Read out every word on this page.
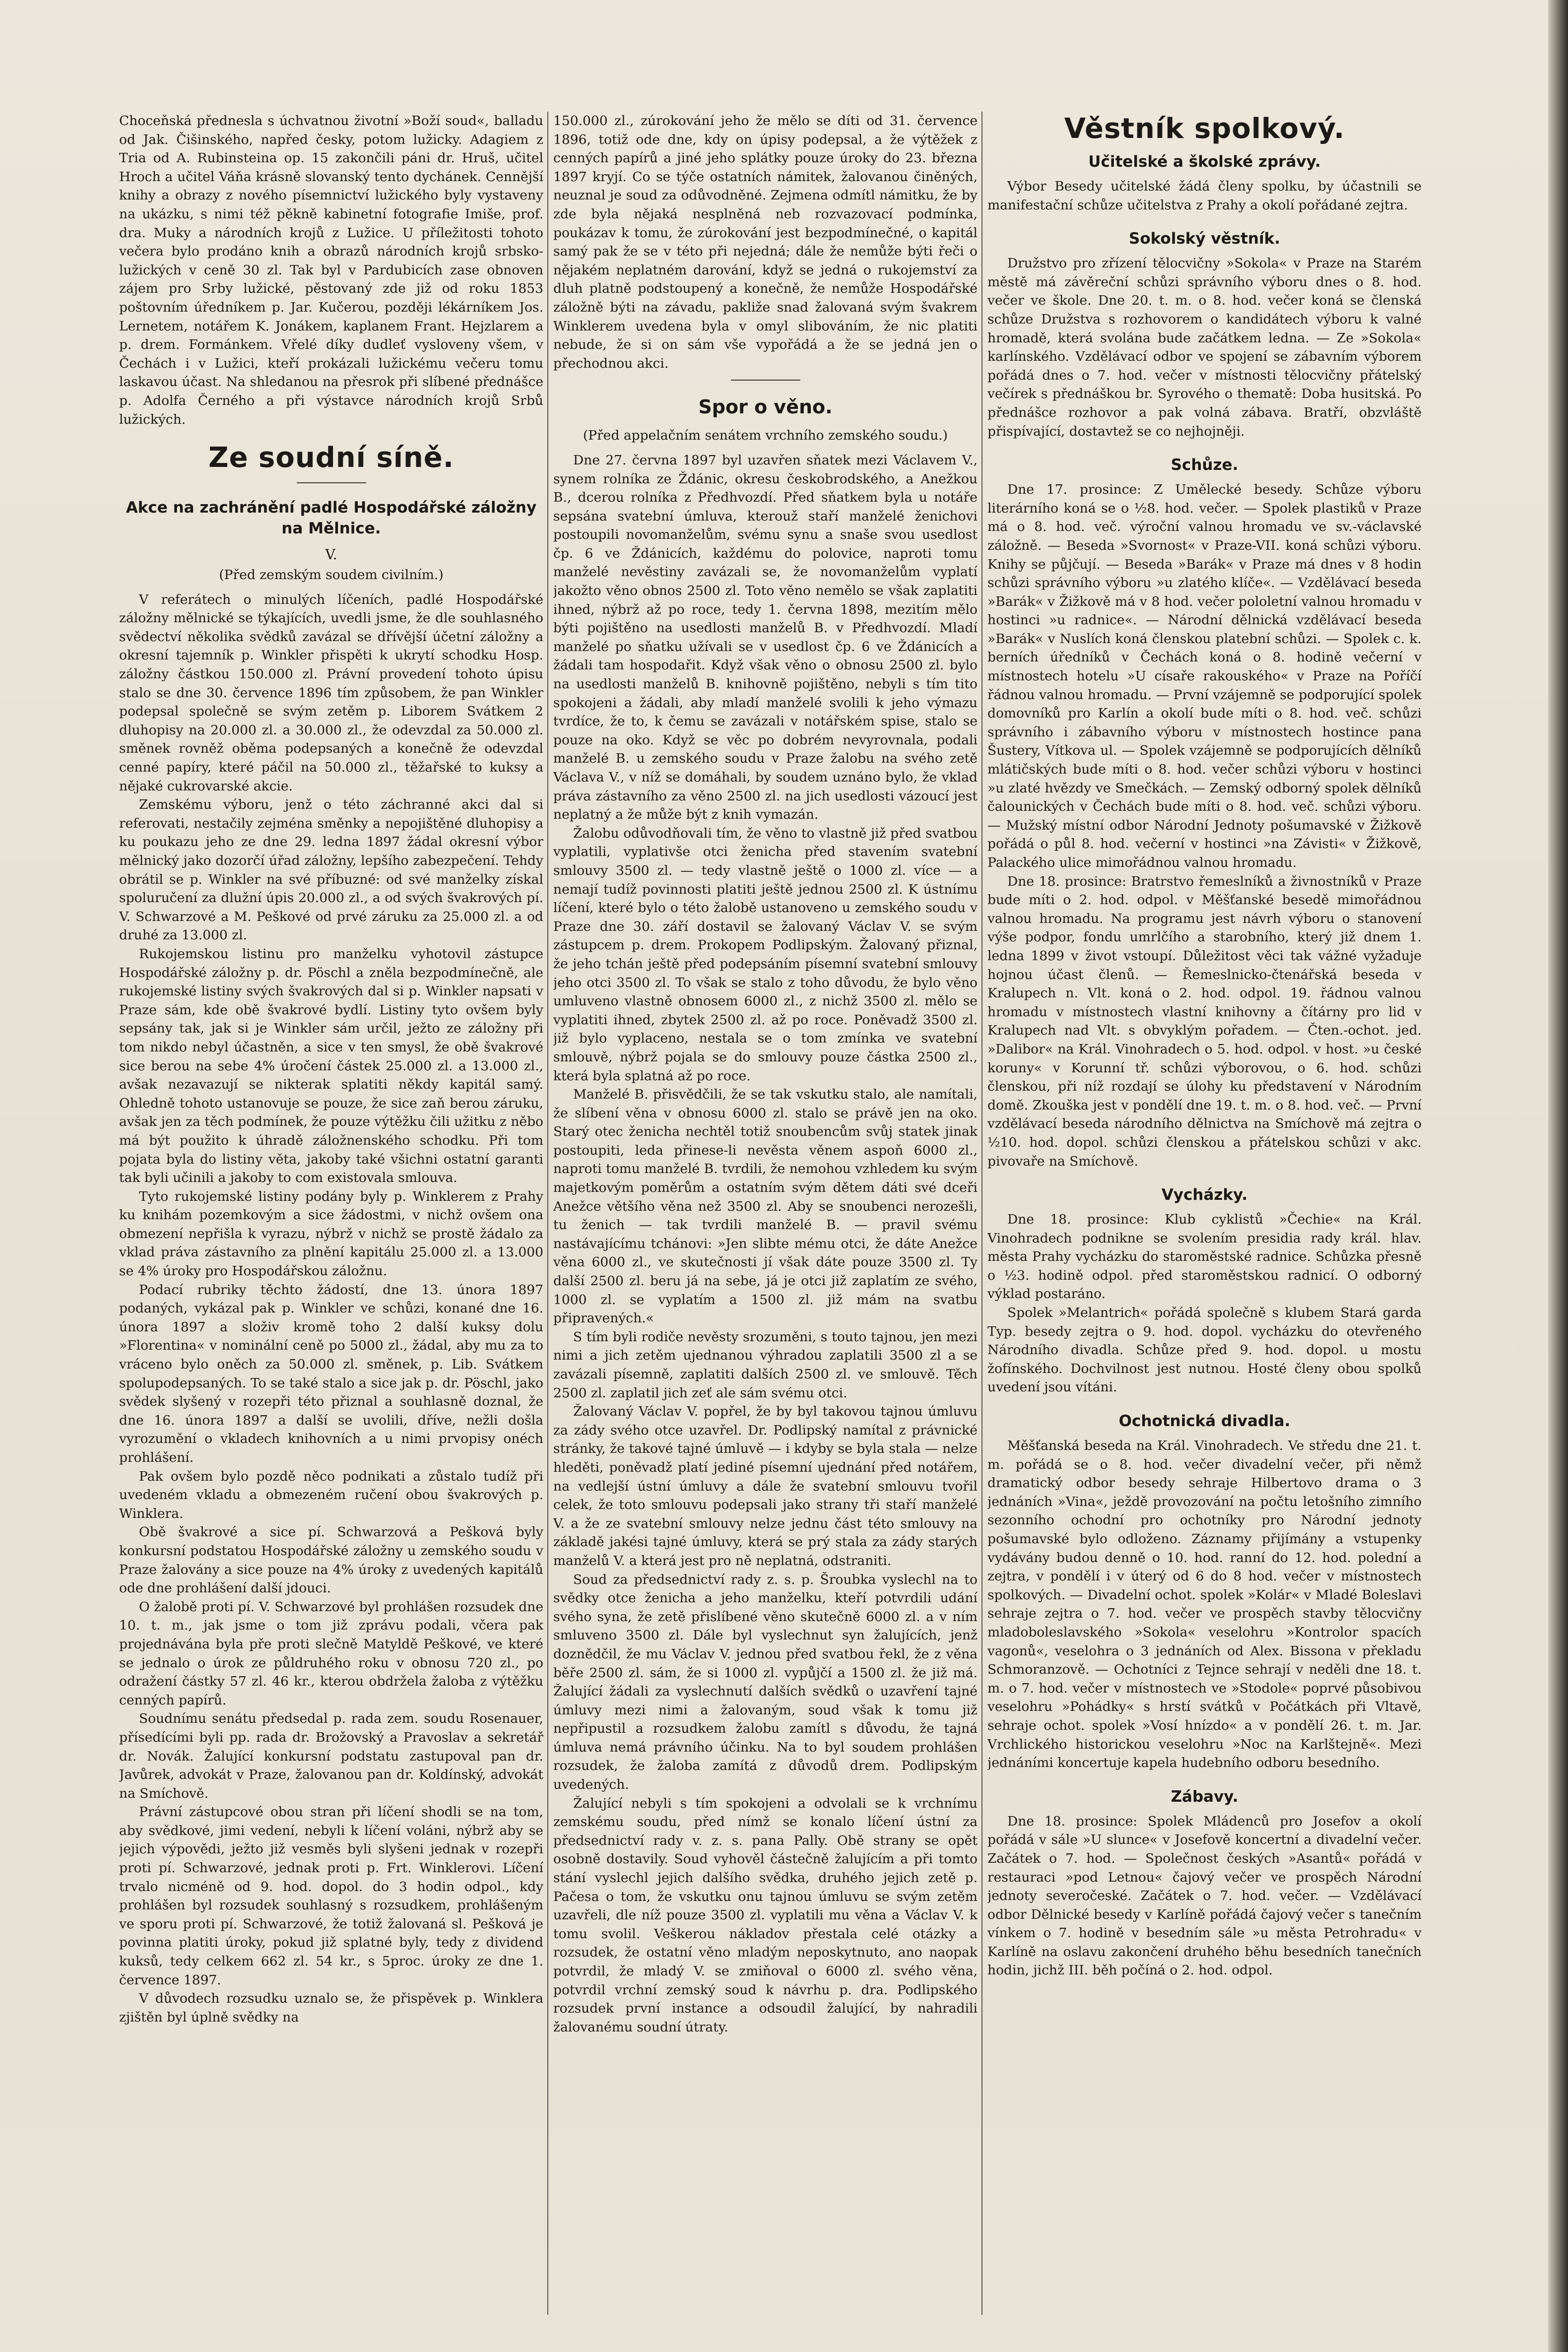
Choceňská přednesla s úchvatnou životní »Boží soud«, balladu od Jak. Čišinského, napřed česky, potom lužicky. Adagiem z Tria od A. Rubinsteina op. 15 zakončili páni dr. Hruš, učitel Hroch a učitel Váňa krásně slovanský tento dychánek. Cennější knihy a obrazy z nového písemnictví lužického byly vystaveny na ukázku, s nimi též pěkně kabinetní fotografie Imiše, prof. dra. Muky a národních krojů z Lužice. U příležitosti tohoto večera bylo prodáno knih a obrazů národních krojů srbsko-lužických v ceně 30 zl. Tak byl v Pardubicích zase obnoven zájem pro Srby lužické, pěstovaný zde již od roku 1853 poštovním úředníkem p. Jar. Kučerou, později lékárníkem Jos. Lernetem, notářem K. Jonákem, kaplanem Frant. Hejzlarem a p. drem. Formánkem. Vřelé díky dudleť vysloveny všem, v Čechách i v Lužici, kteří prokázali lužickému večeru tomu laskavou účast. Na shledanou na přesrok při slíbené přednášce p. Adolfa Černého a při výstavce národních krojů Srbů lužických.

Ze soudní síně.
Akce na zachránění padlé Hospodářské záložny na Mělnice.
V.

(Před zemským soudem civilním.)

V referátech o minulých líčeních, padlé Hospodářské záložny mělnické se týkajících, uvedli jsme, že dle souhlasného svědectví několika svědků zavázal se dřívější účetní záložny a okresní tajemník p. Winkler přispěti k ukrytí schodku Hosp. záložny částkou 150.000 zl. Právní provedení tohoto úpisu stalo se dne 30. července 1896 tím způsobem, že pan Winkler podepsal společně se svým zetěm p. Liborem Svátkem 2 dluhopisy na 20.000 zl. a 30.000 zl., že odevzdal za 50.000 zl. směnek rovněž oběma podepsaných a konečně že odevzdal cenné papíry, které páčil na 50.000 zl., těžařské to kuksy a nějaké cukrovarské akcie.

Zemskému výboru, jenž o této záchranné akci dal si referovati, nestačily zejména směnky a nepojištěné dluhopisy a ku poukazu jeho ze dne 29. ledna 1897 žádal okresní výbor mělnický jako dozorčí úřad záložny, lepšího zabezpečení. Tehdy obrátil se p. Winkler na své příbuzné: od své manželky získal spoluručení za dlužní úpis 20.000 zl., a od svých švakrových pí. V. Schwarzové a M. Peškové od prvé záruku za 25.000 zl. a od druhé za 13.000 zl.

Rukojemskou listinu pro manželku vyhotovil zástupce Hospodářské záložny p. dr. Pöschl a zněla bezpodmínečně, ale rukojemské listiny svých švakrových dal si p. Winkler napsati v Praze sám, kde obě švakrové bydlí. Listiny tyto ovšem byly sepsány tak, jak si je Winkler sám určil, ježto ze záložny při tom nikdo nebyl účastněn, a sice v ten smysl, že obě švakrové sice berou na sebe 4% úročení částek 25.000 zl. a 13.000 zl., avšak nezavazují se nikterak splatiti někdy kapitál samý. Ohledně tohoto ustanovuje se pouze, že sice zaň berou záruku, avšak jen za těch podmínek, že pouze výtěžku čili užitku z něbo má být použito k úhradě záložnenského schodku. Při tom pojata byla do listiny věta, jakoby také všichni ostatní garanti tak byli učinili a jakoby to com existovala smlouva.

Tyto rukojemské listiny podány byly p. Winklerem z Prahy ku knihám pozemkovým a sice žádostmi, v nichž ovšem ona obmezení nepřišla k vyrazu, nýbrž v nichž se prostě žádalo za vklad práva zástavního za plnění kapitálu 25.000 zl. a 13.000 se 4% úroky pro Hospodářskou záložnu.

Podací rubriky těchto žádostí, dne 13. února 1897 podaných, vykázal pak p. Winkler ve schůzi, konané dne 16. února 1897 a složiv kromě toho 2 další kuksy dolu »Florentina« v nominální ceně po 5000 zl., žádal, aby mu za to vráceno bylo oněch za 50.000 zl. směnek, p. Lib. Svátkem spolupodepsaných. To se také stalo a sice jak p. dr. Pöschl, jako svědek slyšený v rozepři této přiznal a souhlasně doznal, že dne 16. února 1897 a další se uvolili, dříve, nežli došla vyrozumění o vkladech knihovních a u nimi prvopisy onéch prohlášení.

Pak ovšem bylo pozdě něco podnikati a zůstalo tudíž při uvedeném vkladu a obmezeném ručení obou švakrových p. Winklera.

Obě švakrové a sice pí. Schwarzová a Pešková byly konkursní podstatou Hospodářské záložny u zemského soudu v Praze žalovány a sice pouze na 4% úroky z uvedených kapitálů ode dne prohlášení další jdouci.

O žalobě proti pí. V. Schwarzové byl prohlášen rozsudek dne 10. t. m., jak jsme o tom již zprávu podali, včera pak projednávána byla pře proti slečně Matyldě Peškové, ve které se jednalo o úrok ze půldruhého roku v obnosu 720 zl., po odražení částky 57 zl. 46 kr., kterou obdržela žaloba z výtěžku cenných papírů.

Soudnímu senátu předsedal p. rada zem. soudu Rosenauer, přísedícími byli pp. rada dr. Brožovský a Pravoslav a sekretář dr. Novák. Žalující konkursní podstatu zastupoval pan dr. Javůrek, advokát v Praze, žalovanou pan dr. Koldínský, advokát na Smíchově.

Právní zástupcové obou stran při líčení shodli se na tom, aby svědkové, jimi vedení, nebyli k líčení voláni, nýbrž aby se jejich výpovědi, ježto již vesměs byli slyšeni jednak v rozepři proti pí. Schwarzové, jednak proti p. Frt. Winklerovi. Líčení trvalo nicméně od 9. hod. dopol. do 3 hodin odpol., kdy prohlášen byl rozsudek souhlasný s rozsudkem, prohlášeným ve sporu proti pí. Schwarzové, že totiž žalovaná sl. Pešková je povinna platiti úroky, pokud již splatné byly, tedy z dividend kuksů, tedy celkem 662 zl. 54 kr., s 5proc. úroky ze dne 1. července 1897.

V důvodech rozsudku uznalo se, že přispěvek p. Winklera zjištěn byl úplně svědky na

150.000 zl., zúrokování jeho že mělo se díti od 31. července 1896, totiž ode dne, kdy on úpisy podepsal, a že výtěžek z cenných papírů a jiné jeho splátky pouze úroky do 23. března 1897 kryjí. Co se týče ostatních námitek, žalovanou činěných, neuznal je soud za odůvodněné. Zejmena odmítl námitku, že by zde byla nějaká nesplněná neb rozvazovací podmínka, poukázav k tomu, že zúrokování jest bezpodmínečné, o kapitál samý pak že se v této při nejedná; dále že nemůže býti řeči o nějakém neplatném darování, když se jedná o rukojemství za dluh platně podstoupený a konečně, že nemůže Hospodářské záložně býti na závadu, pakliže snad žalovaná svým švakrem Winklerem uvedena byla v omyl slibováním, že nic platiti nebude, že si on sám vše vypořádá a že se jedná jen o přechodnou akci.

Spor o věno.

(Před appelačním senátem vrchního zemského soudu.)

Dne 27. června 1897 byl uzavřen sňatek mezi Václavem V., synem rolníka ze Ždánic, okresu českobrodského, a Anežkou B., dcerou rolníka z Předhvozdí. Před sňatkem byla u notáře sepsána svatební úmluva, kterouž staří manželé ženichovi postoupili novomanželům, svému synu a snaše svou usedlost čp. 6 ve Ždánicích, každému do polovice, naproti tomu manželé nevěstiny zavázali se, že novomanželům vyplatí jakožto věno obnos 2500 zl. Toto věno nemělo se však zaplatiti ihned, nýbrž až po roce, tedy 1. června 1898, mezitím mělo býti pojištěno na usedlosti manželů B. v Předhvozdí. Mladí manželé po sňatku užívali se v usedlost čp. 6 ve Ždánicích a žádali tam hospodařit. Když však věno o obnosu 2500 zl. bylo na usedlosti manželů B. knihovně pojištěno, nebyli s tím tito spokojeni a žádali, aby mladí manželé svolili k jeho výmazu tvrdíce, že to, k čemu se zavázali v notářském spise, stalo se pouze na oko. Když se věc po dobrém nevyrovnala, podali manželé B. u zemského soudu v Praze žalobu na svého zetě Václava V., v níž se domáhali, by soudem uznáno bylo, že vklad práva zástavního za věno 2500 zl. na jich usedlosti vázoucí jest neplatný a že může být z knih vymazán.

Žalobu odůvodňovali tím, že věno to vlastně již před svatbou vyplatili, vyplativše otci ženicha před stavením svatební smlouvy 3500 zl. — tedy vlastně ještě o 1000 zl. více — a nemají tudíž povinnosti platiti ještě jednou 2500 zl. K ústnímu líčení, které bylo o této žalobě ustanoveno u zemského soudu v Praze dne 30. září dostavil se žalovaný Václav V. se svým zástupcem p. drem. Prokopem Podlipským. Žalovaný přiznal, že jeho tchán ještě před podepsáním písemní svatební smlouvy jeho otci 3500 zl. To však se stalo z toho důvodu, že bylo věno umluveno vlastně obnosem 6000 zl., z nichž 3500 zl. mělo se vyplatiti ihned, zbytek 2500 zl. až po roce. Poněvadž 3500 zl. již bylo vyplaceno, nestala se o tom zmínka ve svatební smlouvě, nýbrž pojala se do smlouvy pouze částka 2500 zl., která byla splatná až po roce.

Manželé B. přisvědčili, že se tak vskutku stalo, ale namítali, že slíbení věna v obnosu 6000 zl. stalo se právě jen na oko. Starý otec ženicha nechtěl totiž snoubencům svůj statek jinak postoupiti, leda přinese-li nevěsta věnem aspoň 6000 zl., naproti tomu manželé B. tvrdili, že nemohou vzhledem ku svým majetkovým poměrům a ostatním svým dětem dáti své dceři Anežce většího věna než 3500 zl. Aby se snoubenci nerozešli, tu ženich — tak tvrdili manželé B. — pravil svému nastávajícímu tchánovi: »Jen slibte mému otci, že dáte Anežce věna 6000 zl., ve skutečnosti jí však dáte pouze 3500 zl. Ty další 2500 zl. beru já na sebe, já je otci již zaplatím ze svého, 1000 zl. se vyplatím a 1500 zl. již mám na svatbu připravených.«

S tím byli rodiče nevěsty srozuměni, s touto tajnou, jen mezi nimi a jich zetěm ujednanou výhradou zaplatili 3500 zl a se zavázali písemně, zaplatiti dalších 2500 zl. ve smlouvě. Těch 2500 zl. zaplatil jich zeť ale sám svému otci.

Žalovaný Václav V. popřel, že by byl takovou tajnou úmluvu za zády svého otce uzavřel. Dr. Podlipský namítal z právnické stránky, že takové tajné úmluvě — i kdyby se byla stala — nelze hleděti, poněvadž platí jediné písemní ujednání před notářem, na vedlejší ústní úmluvy a dále že svatební smlouvu tvořil celek, že toto smlouvu podepsali jako strany tři staří manželé V. a že ze svatební smlouvy nelze jednu část této smlouvy na základě jakési tajné úmluvy, která se prý stala za zády starých manželů V. a která jest pro ně neplatná, odstraniti.

Soud za předsednictví rady z. s. p. Šroubka vyslechl na to svědky otce ženicha a jeho manželku, kteří potvrdili udání svého syna, že zetě přislíbené věno skutečně 6000 zl. a v ním smluveno 3500 zl. Dále byl vyslechnut syn žalujících, jenž doznědčil, že mu Václav V. jednou před svatbou řekl, že z věna běře 2500 zl. sám, že si 1000 zl. vypůjčí a 1500 zl. že již má. Žalující žádali za vyslechnutí dalších svědků o uzavření tajné úmluvy mezi nimi a žalovaným, soud však k tomu již nepřipustil a rozsudkem žalobu zamítl s důvodu, že tajná úmluva nemá právního účinku. Na to byl soudem prohlášen rozsudek, že žaloba zamítá z důvodů drem. Podlipským uvedených.

Žalující nebyli s tím spokojeni a odvolali se k vrchnímu zemskému soudu, před nímž se konalo líčení ústní za předsednictví rady v. z. s. pana Pally. Obě strany se opět osobně dostavily. Soud vyhověl částečně žalujícím a při tomto stání vyslechl jejich dalšího svědka, druhého jejich zetě p. Pačesa o tom, že vskutku onu tajnou úmluvu se svým zetěm uzavřeli, dle níž pouze 3500 zl. vyplatili mu věna a Václav V. k tomu svolil. Veškerou nákladov přestala celé otázky a rozsudek, že ostatní věno mladým neposkytnuto, ano naopak potvrdil, že mladý V. se zmiňoval o 6000 zl. svého věna, potvrdil vrchní zemský soud k návrhu p. dra. Podlipského rozsudek první instance a odsoudil žalující, by nahradili žalovanému soudní útraty.

Věstník spolkový.
Učitelské a školské zprávy.

Výbor Besedy učitelské žádá členy spolku, by účastnili se manifestační schůze učitelstva z Prahy a okolí pořádané zejtra.

Sokolský věstník.

Družstvo pro zřízení tělocvičny »Sokola« v Praze na Starém městě má závěreční schůzi správního výboru dnes o 8. hod. večer ve škole. Dne 20. t. m. o 8. hod. večer koná se členská schůze Družstva s rozhovorem o kandidátech výboru k valné hromadě, která svolána bude začátkem ledna. — Ze »Sokola« karlínského. Vzdělávací odbor ve spojení se zábavním výborem pořádá dnes o 7. hod. večer v místnosti tělocvičny přátelský večírek s přednáškou br. Syrového o thematě: Doba husitská. Po přednášce rozhovor a pak volná zábava. Bratří, obzvláště přispívající, dostavtež se co nejhojněji.

Schůze.

Dne 17. prosince: Z Umělecké besedy. Schůze výboru literárního koná se o ½8. hod. večer. — Spolek plastiků v Praze má o 8. hod. več. výroční valnou hromadu ve sv.-václavské záložně. — Beseda »Svornost« v Praze-VII. koná schůzi výboru. Knihy se půjčují. — Beseda »Barák« v Praze má dnes v 8 hodin schůzi správního výboru »u zlatého klíče«. — Vzdělávací beseda »Barák« v Žižkově má v 8 hod. večer pololetní valnou hromadu v hostinci »u radnice«. — Národní dělnická vzdělávací beseda »Barák« v Nuslích koná členskou platební schůzi. — Spolek c. k. berních úředníků v Čechách koná o 8. hodině večerní v místnostech hotelu »U císaře rakouského« v Praze na Poříčí řádnou valnou hromadu. — První vzájemně se podporující spolek domovníků pro Karlín a okolí bude míti o 8. hod. več. schůzi správního i zábavního výboru v místnostech hostince pana Šustery, Vítkova ul. — Spolek vzájemně se podporujících dělníků mlátičských bude míti o 8. hod. večer schůzi výboru v hostinci »u zlaté hvězdy ve Smečkách. — Zemský odborný spolek dělníků čalounických v Čechách bude míti o 8. hod. več. schůzi výboru. — Mužský místní odbor Národní Jednoty pošumavské v Žižkově pořádá o půl 8. hod. večerní v hostinci »na Závisti« v Žižkově, Palackého ulice mimořádnou valnou hromadu.

Dne 18. prosince: Bratrstvo řemeslníků a živnostníků v Praze bude míti o 2. hod. odpol. v Měšťanské besedě mimořádnou valnou hromadu. Na programu jest návrh výboru o stanovení výše podpor, fondu umrlčího a starobního, který již dnem 1. ledna 1899 v život vstoupí. Důležitost věci tak vážné vyžaduje hojnou účast členů. — Řemeslnicko-čtenářská beseda v Kralupech n. Vlt. koná o 2. hod. odpol. 19. řádnou valnou hromadu v místnostech vlastní knihovny a čítárny pro lid v Kralupech nad Vlt. s obvyklým pořadem. — Čten.-ochot. jed. »Dalibor« na Král. Vinohradech o 5. hod. odpol. v host. »u české koruny« v Korunní tř. schůzi výborovou, o 6. hod. schůzi členskou, při níž rozdají se úlohy ku představení v Národním domě. Zkouška jest v pondělí dne 19. t. m. o 8. hod. več. — První vzdělávací beseda národního dělnictva na Smíchově má zejtra o ½10. hod. dopol. schůzi členskou a přátelskou schůzi v akc. pivovaře na Smíchově.

Vycházky.

Dne 18. prosince: Klub cyklistů »Čechie« na Král. Vinohradech podnikne se svolením presidia rady král. hlav. města Prahy vycházku do staroměstské radnice. Schůzka přesně o ½3. hodině odpol. před staroměstskou radnicí. O odborný výklad postaráno.

Spolek »Melantrich« pořádá společně s klubem Stará garda Typ. besedy zejtra o 9. hod. dopol. vycházku do otevřeného Národního divadla. Schůze před 9. hod. dopol. u mostu žofínského. Dochvilnost jest nutnou. Hosté členy obou spolků uvedení jsou vítáni.

Ochotnická divadla.

Měšťanská beseda na Král. Vinohradech. Ve středu dne 21. t. m. pořádá se o 8. hod. večer divadelní večer, při němž dramatický odbor besedy sehraje Hilbertovo drama o 3 jednáních »Vina«, ježdě provozování na počtu letošního zimního sezonního ochodní pro ochotníky pro Národní jednoty pošumavské bylo odloženo. Záznamy přijímány a vstupenky vydávány budou denně o 10. hod. ranní do 12. hod. polední a zejtra, v pondělí i v úterý od 6 do 8 hod. večer v místnostech spolkových. — Divadelní ochot. spolek »Kolár« v Mladé Boleslavi sehraje zejtra o 7. hod. večer ve prospěch stavby tělocvičny mladoboleslavského »Sokola« veselohru »Kontrolor spacích vagonů«, veselohra o 3 jednáních od Alex. Bissona v překladu Schmoranzově. — Ochotníci z Tejnce sehrají v neděli dne 18. t. m. o 7. hod. večer v místnostech ve »Stodole« poprvé působivou veselohru »Pohádky« s hrstí svátků v Počátkách při Vltavě, sehraje ochot. spolek »Vosí hnízdo« a v pondělí 26. t. m. Jar. Vrchlického historickou veselohru »Noc na Karlštejně«. Mezi jednáními koncertuje kapela hudebního odboru besedního.

Zábavy.

Dne 18. prosince: Spolek Mládenců pro Josefov a okolí pořádá v sále »U slunce« v Josefově koncertní a divadelní večer. Začátek o 7. hod. — Společnost českých »Asantů« pořádá v restauraci »pod Letnou« čajový večer ve prospěch Národní jednoty severočeské. Začátek o 7. hod. večer. — Vzdělávací odbor Dělnické besedy v Karlíně pořádá čajový večer s tanečním vínkem o 7. hodině v besedním sále »u města Petrohradu« v Karlíně na oslavu zakončení druhého běhu besedních tanečních hodin, jichž III. běh počíná o 2. hod. odpol.
